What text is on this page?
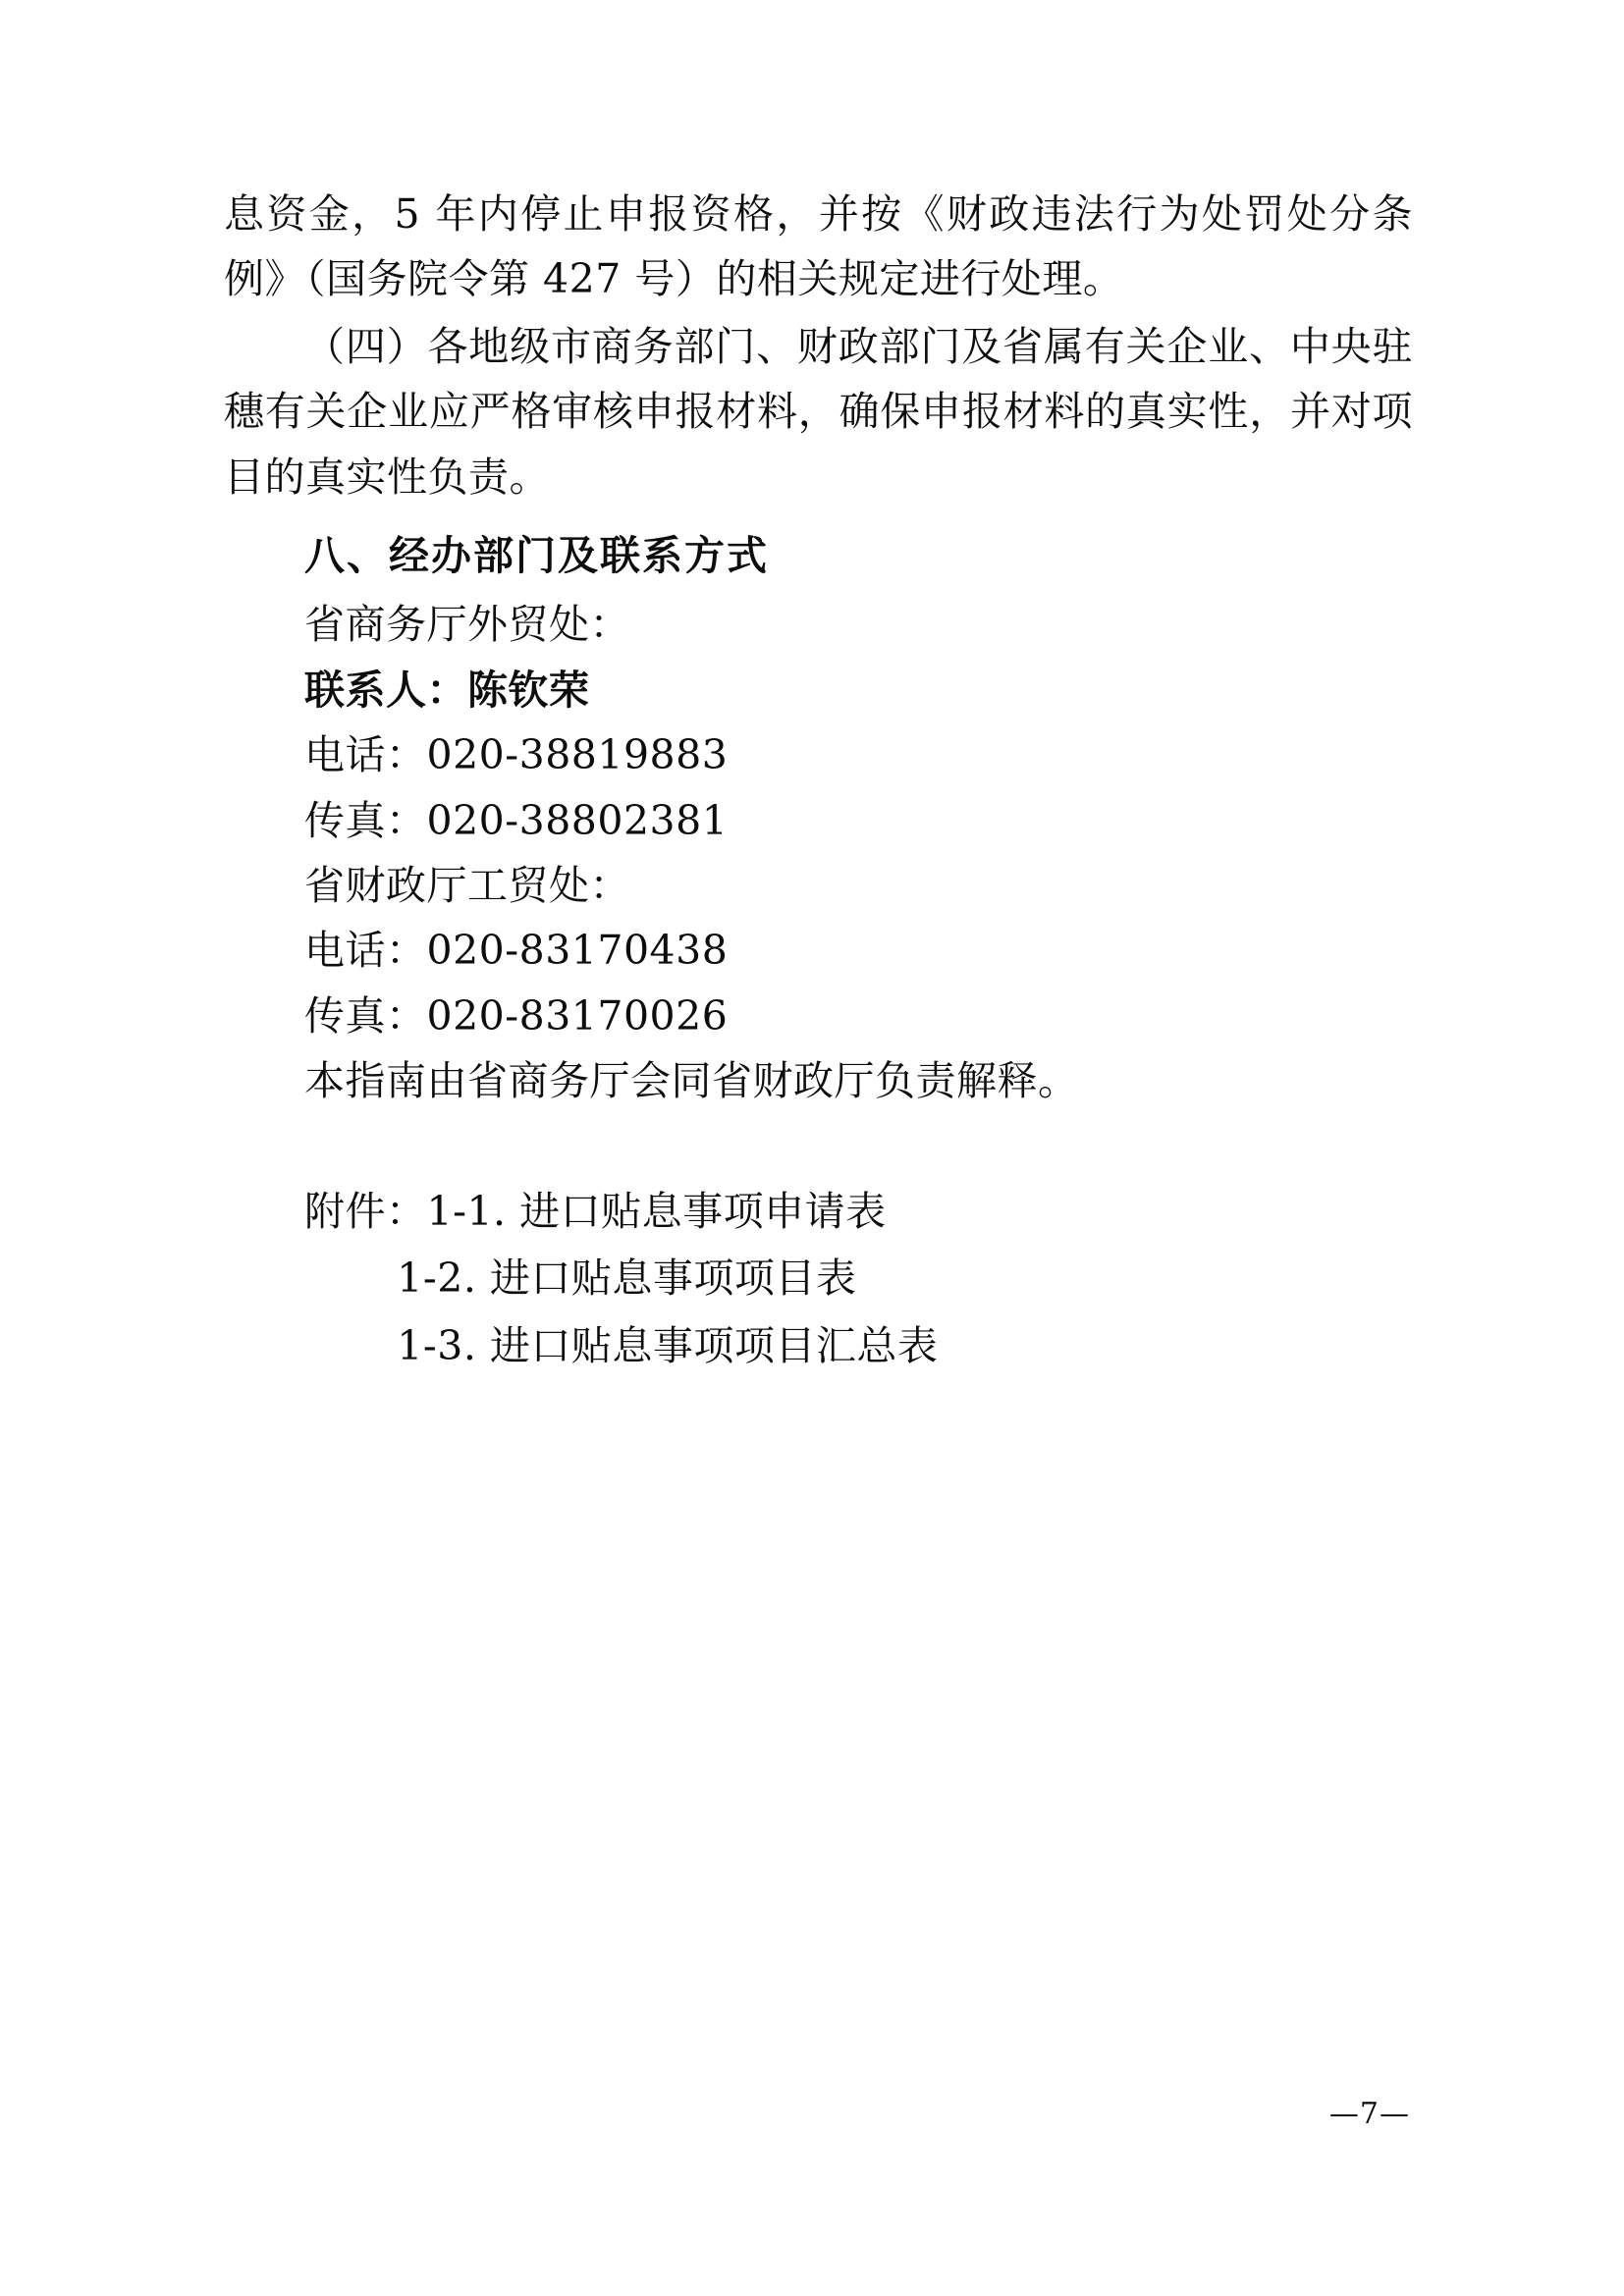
息资金，5 年内停止申报资格，并按《财政违法行为处罚处分条例》（国务院令第 427 号）的相关规定进行处理。

（四）各地级市商务部门、财政部门及省属有关企业、中央驻穗有关企业应严格审核申报材料，确保申报材料的真实性，并对项目的真实性负责。

八、经办部门及联系方式

省商务厅外贸处：

联系人：陈钦荣

电话：020-38819883

传真：020-38802381

省财政厅工贸处：

电话：020-83170438

传真：020-83170026

本指南由省商务厅会同省财政厅负责解释。

附件：1-1. 进口贴息事项申请表

1-2. 进口贴息事项项目表

1-3. 进口贴息事项项目汇总表

—7—
